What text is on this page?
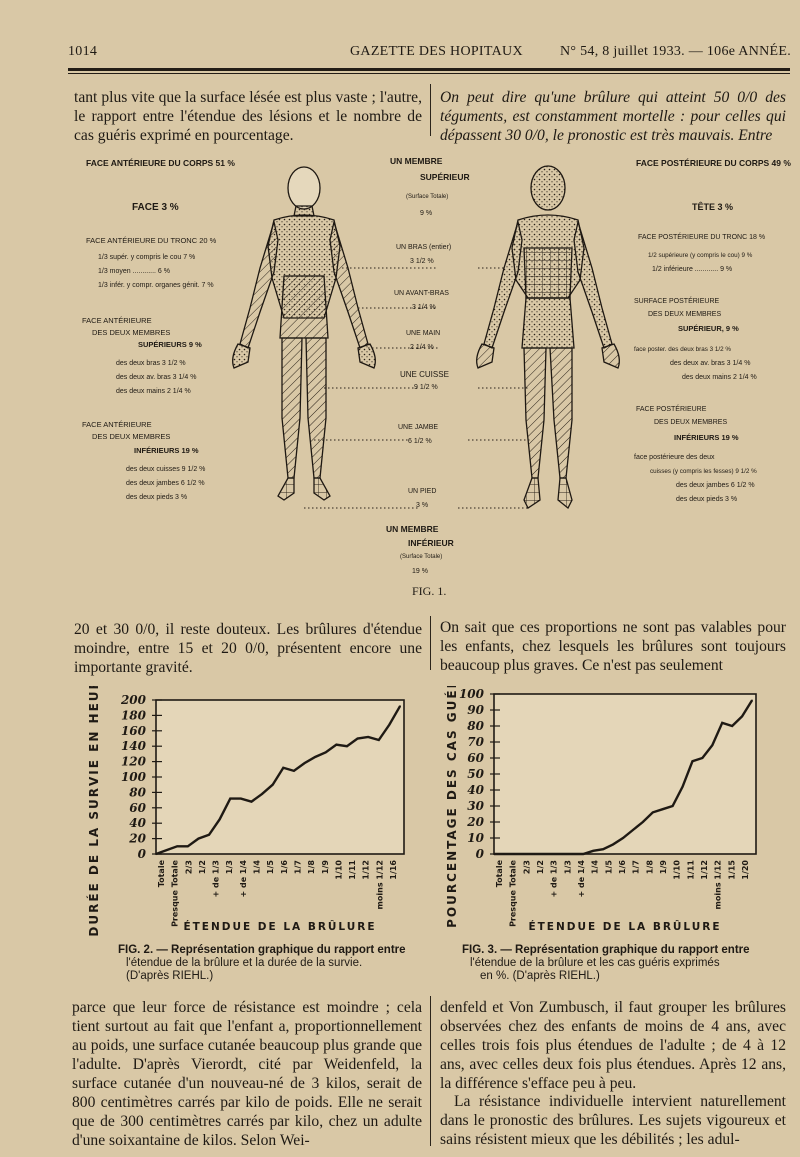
1014	GAZETTE DES HOPITAUX	N° 54, 8 juillet 1933. — 106e ANNÉE.
tant plus vite que la surface lésée est plus vaste ; l'autre, le rapport entre l'étendue des lésions et le nombre de cas guéris exprimé en pourcentage.
On peut dire qu'une brûlure qui atteint 50 0/0 des téguments, est constamment mortelle : pour celles qui dépassent 30 0/0, le pronostic est très mauvais. Entre
FACE ANTÉRIEURE DU CORPS 51 %
FACE 3 %
FACE ANTÉRIEURE DU TRONC 20 %
1/3 supér. y compris le cou 7 %
1/3 moyen ............ 6 %
1/3 infér. y compr. organes génit. 7 %
FACE ANTÉRIEURE
DES DEUX MEMBRES
SUPÉRIEURS 9 %
des deux bras 3 1/2 %
des deux av. bras 3 1/4 %
des deux mains 2 1/4 %
FACE ANTÉRIEURE
DES DEUX MEMBRES
INFÉRIEURS 19 %
des deux cuisses 9 1/2 %
des deux jambes 6 1/2 %
des deux pieds 3 %
UN MEMBRE
SUPÉRIEUR
(Surface Totale)
9 %
UN BRAS (entier)
3 1/2 %
UN AVANT-BRAS
3 1/4 %
UNE MAIN
2 1/4 %
UNE CUISSE
9 1/2 %
UNE JAMBE
6 1/2 %
UN PIED
3 %
UN MEMBRE
INFÉRIEUR
(Surface Totale)
19 %
FACE POSTÉRIEURE DU CORPS 49 %
TÊTE 3 %
FACE POSTÉRIEURE DU TRONC 18 %
1/2 supérieure (y compris le cou) 9 %
1/2 inférieure ............ 9 %
SURFACE POSTÉRIEURE
DES DEUX MEMBRES
SUPÉRIEUR, 9 %
face poster. des deux bras 3 1/2 %
des deux av. bras 3 1/4 %
des deux mains 2 1/4 %
FACE POSTÉRIEURE
DES DEUX MEMBRES
INFÉRIEURS 19 %
face postérieure des deux
cuisses (y compris les fesses) 9 1/2 %
des deux jambes 6 1/2 %
des deux pieds 3 %
FIG. 1.
20 et 30 0/0, il reste douteux. Les brûlures d'étendue moindre, entre 15 et 20 0/0, présentent encore une importante gravité.
On sait que ces proportions ne sont pas valables pour les enfants, chez lesquels les brûlures sont toujours beaucoup plus graves. Ce n'est pas seulement
0
20
40
60
80
100
120
140
160
180
200
DURÉE DE LA SURVIE EN HEURES	Totale Presque Totale 2/3 1/2 + de 1/3 1/3 + de 1/4 1/4 1/5 1/6 1/7 1/8 1/9 1/10 1/11 1/12 moins 1/12 1/16
ÉTENDUE DE LA BRÛLURE
FIG. 2. — Représentation graphique du rapport entre
l'étendue de la brûlure et la durée de la survie.
(D'après RIEHL.)
0
10
20
30
40
50
60
70
80
90
100
POURCENTAGE DES CAS GUÉRIS	Totale Presque Totale 2/3 1/2 + de 1/3 1/3 + de 1/4 1/4 1/5 1/6 1/7 1/8 1/9 1/10 1/11 1/12 moins 1/12 1/15 1/20
ÉTENDUE DE LA BRÛLURE
FIG. 3. — Représentation graphique du rapport entre
l'étendue de la brûlure et les cas guéris exprimés
en %. (D'après RIEHL.)
parce que leur force de résistance est moindre ; cela tient surtout au fait que l'enfant a, proportionnellement au poids, une surface cutanée beaucoup plus grande que l'adulte. D'après Vierordt, cité par Weidenfeld, la surface cutanée d'un nouveau-né de 3 kilos, serait de 800 centimètres carrés par kilo de poids. Elle ne serait que de 300 centimètres carrés par kilo, chez un adulte d'une soixantaine de kilos. Selon Wei-
denfeld et Von Zumbusch, il faut grouper les brûlures observées chez des enfants de moins de 4 ans, avec celles trois fois plus étendues de l'adulte ; de 4 à 12 ans, avec celles deux fois plus étendues. Après 12 ans, la différence s'efface peu à peu.
La résistance individuelle intervient naturellement dans le pronostic des brûlures. Les sujets vigoureux et sains résistent mieux que les débilités ; les adul-
